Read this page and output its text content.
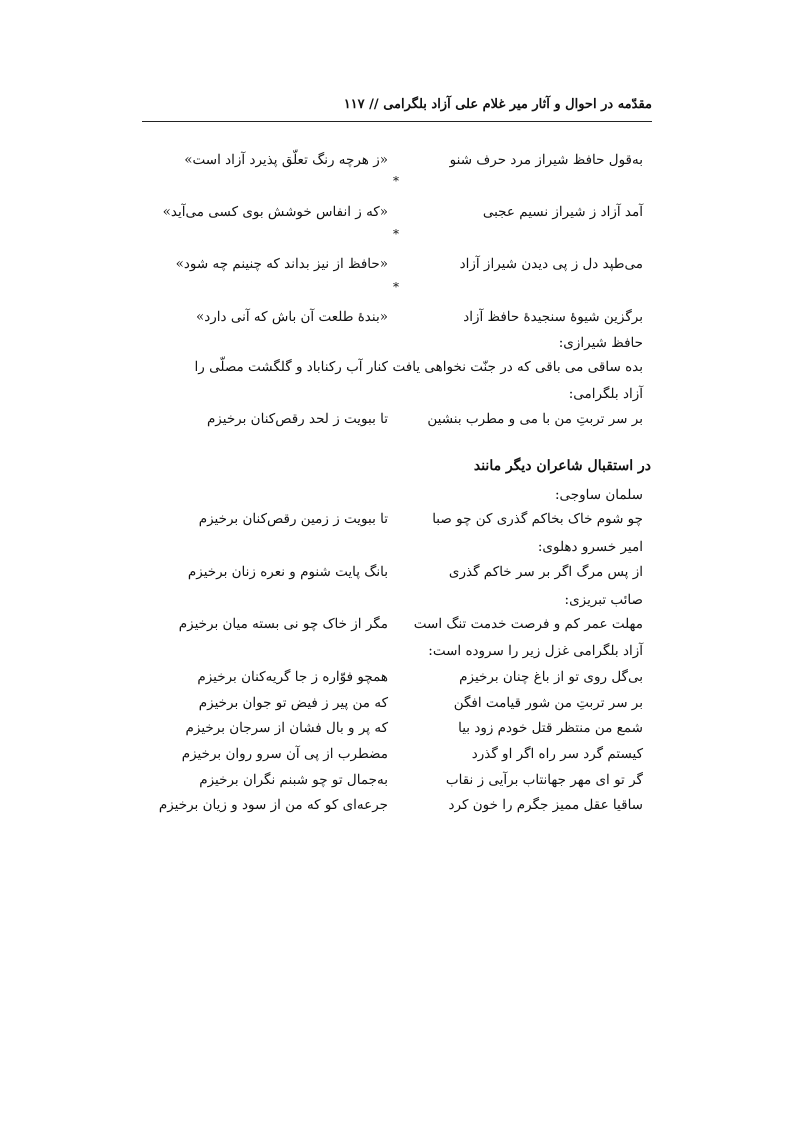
مقدّمه در احوال و آثار میر غلام علی آزاد بلگرامی // ۱۱۷
به‌قول حافظ شیراز مرد حرف شنو
«ز هرچه رنگ تعلّق پذیرد آزاد است»
*
آمد آزاد ز شیراز نسیم عجبی
«که ز انفاس خوشش بوی کسی می‌آید»
*
می‌طپد دل ز پی دیدن شیراز آزاد
«حافظ از نیز بداند که چنینم چه شود»
*
برگزین شیوهٔ سنجیدهٔ حافظ آزاد
«بندهٔ طلعت آن باش که آنی دارد»
حافظ شیرازی:
بده ساقی می باقی که در جنّت نخواهی یافت
کنار آب رکناباد و گلگشت مصلّی را
آزاد بلگرامی:
بر سر تربتِ من با می و مطرب بنشین
تا ببویت ز لحد رقص‌کنان برخیزم
در استقبال شاعران دیگر مانند
سلمان ساوجی:
چو شوم خاک بخاکم گذری کن چو صبا
تا ببویت ز زمین رقص‌کنان برخیزم
امیر خسرو دهلوی:
از پس مرگ اگر بر سر خاکم گذری
بانگ پایت شنوم و نعره زنان برخیزم
صائب تبریزی:
مهلت عمر کم و فرصت خدمت تنگ است
مگر از خاک چو نی بسته میان برخیزم
آزاد بلگرامی غزل زیر را سروده است:
بی‌گل روی تو از باغ چنان برخیزم
همچو فوّاره ز جا گریه‌کنان برخیزم
بر سر تربتِ من شور قیامت افگن
که من پیر ز فیض تو جوان برخیزم
شمع من منتظر قتل خودم زود بیا
که پر و بال فشان از سرجان برخیزم
کیستم گرد سر راه اگر او گذرد
مضطرب از پی آن سرو روان برخیزم
گر تو ای مهر جهانتاب برآیی ز نقاب
به‌جمال تو چو شبنم نگران برخیزم
ساقیا عقل ممیز جگرم را خون کرد
جرعه‌ای کو که من از سود و زیان برخیزم
